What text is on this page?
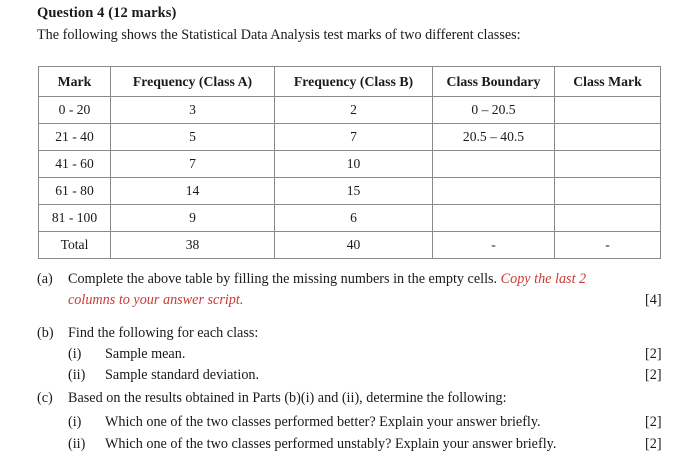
Question 4 (12 marks)
The following shows the Statistical Data Analysis test marks of two different classes:
Mark	Frequency (Class A)	Frequency (Class B)	Class Boundary	Class Mark
0 - 20	3	2	0 – 20.5	
21 - 40	5	7	20.5 – 40.5	
41 - 60	7	10		
61 - 80	14	15		
81 - 100	9	6		
Total	38	40	-	-
(a) Complete the above table by filling the missing numbers in the empty cells. Copy the last 2
columns to your answer script.	[4]
(b) Find the following for each class:
(i) Sample mean.	[2]
(ii) Sample standard deviation.	[2]
(c) Based on the results obtained in Parts (b)(i) and (ii), determine the following:
(i) Which one of the two classes performed better? Explain your answer briefly.	[2]
(ii) Which one of the two classes performed unstably? Explain your answer briefly.	[2]
